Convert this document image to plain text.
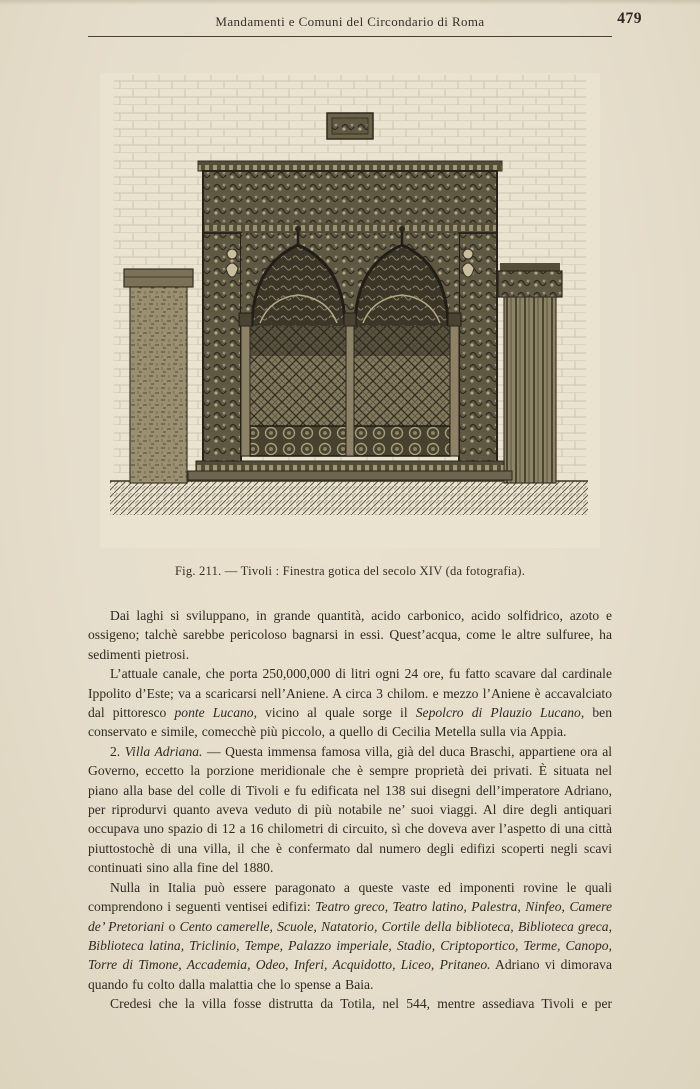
Mandamenti e Comuni del Circondario di Roma	479
Fig. 211. — Tivoli : Finestra gotica del secolo XIV (da fotografia).

Dai laghi si sviluppano, in grande quantità, acido carbonico, acido solfidrico, azoto e ossigeno; talchè sarebbe pericoloso bagnarsi in essi. Quest’acqua, come le altre sulfuree, ha sedimenti pietrosi.

L’attuale canale, che porta 250,000,000 di litri ogni 24 ore, fu fatto scavare dal cardinale Ippolito d’Este; va a scaricarsi nell’Aniene. A circa 3 chilom. e mezzo l’Aniene è accavalciato dal pittoresco ponte Lucano, vicino al quale sorge il Sepolcro di Plauzio Lucano, ben conservato e simile, comecchè più piccolo, a quello di Cecilia Metella sulla via Appia.

2. Villa Adriana. — Questa immensa famosa villa, già del duca Braschi, appartiene ora al Governo, eccetto la porzione meridionale che è sempre proprietà dei privati. È situata nel piano alla base del colle di Tivoli e fu edificata nel 138 sui disegni dell’imperatore Adriano, per riprodurvi quanto aveva veduto di più notabile ne’ suoi viaggi. Al dire degli antiquari occupava uno spazio di 12 a 16 chilometri di circuito, sì che doveva aver l’aspetto di una città piuttostochè di una villa, il che è confermato dal numero degli edifizi scoperti negli scavi continuati sino alla fine del 1880.

Nulla in Italia può essere paragonato a queste vaste ed imponenti rovine le quali comprendono i seguenti ventisei edifizi: Teatro greco, Teatro latino, Palestra, Ninfeo, Camere de’ Pretoriani o Cento camerelle, Scuole, Natatorio, Cortile della biblioteca, Biblioteca greca, Biblioteca latina, Triclinio, Tempe, Palazzo imperiale, Stadio, Criptoportico, Terme, Canopo, Torre di Timone, Accademia, Odeo, Inferi, Acquidotto, Liceo, Pritaneo. Adriano vi dimorava quando fu colto dalla malattia che lo spense a Baia.

Credesi che la villa fosse distrutta da Totila, nel 544, mentre assediava Tivoli e per
